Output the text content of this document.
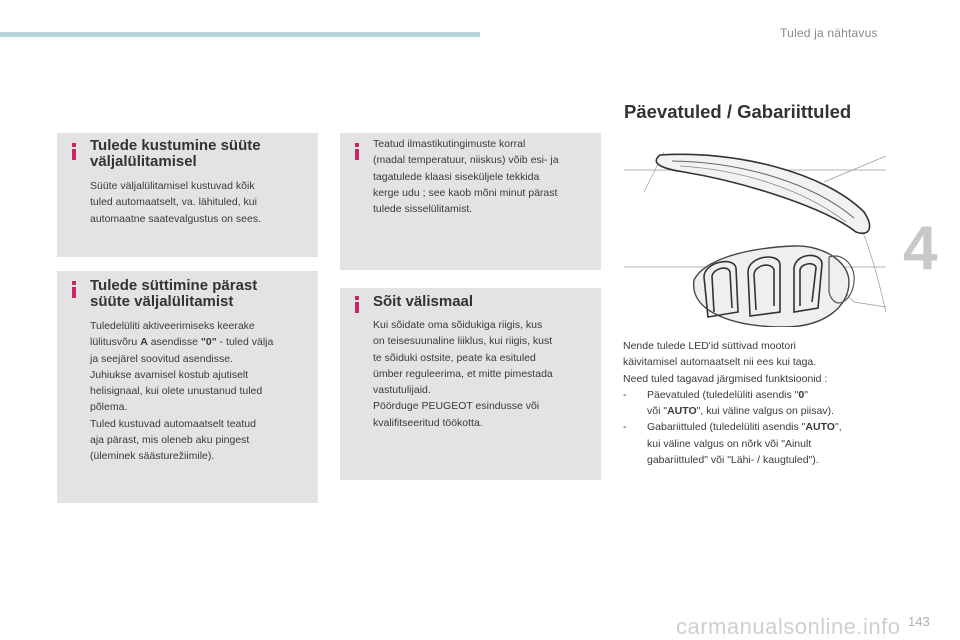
Tuled ja nähtavus
4
Tulede kustumine süüte
väljalülitamisel
Süüte väljalülitamisel kustuvad kõik
tuled automaatselt, va. lähituled, kui
automaatne saatevalgustus on sees.
Tulede süttimine pärast
süüte väljalülitamist
Tuledelüliti aktiveerimiseks keerake
lülitusvõru A asendisse "0" - tuled välja
ja seejärel soovitud asendisse.
Juhiukse avamisel kostub ajutiselt
helisignaal, kui olete unustanud tuled
põlema.
Tuled kustuvad automaatselt teatud
aja pärast, mis oleneb aku pingest
(üleminek säästurežiimile).
Teatud ilmastikutingimuste korral
(madal temperatuur, niiskus) võib esi- ja
tagatulede klaasi siseküljele tekkida
kerge udu ; see kaob mõni minut pärast
tulede sisselülitamist.
Sõit välismaal
Kui sõidate oma sõidukiga riigis, kus
on teisesuunaline liiklus, kui riigis, kust
te sõiduki ostsite, peate ka esituled
ümber reguleerima, et mitte pimestada
vastutulijaid.
Pöörduge PEUGEOT esindusse või
kvalifitseeritud töökotta.
Päevatuled / Gabariittuled
Nende tulede LED'id süttivad mootori
käivitamisel automaatselt nii ees kui taga.
Need tuled tagavad järgmised funktsioonid :
-	Päevatuled (tuledelüliti asendis "0"
või "AUTO", kui väline valgus on piisav).
-	Gabariittuled (tuledelüliti asendis "AUTO",
kui väline valgus on nõrk või "Ainult
gabariittuled" või "Lähi- / kaugtuled").
carmanualsonline.info 143
